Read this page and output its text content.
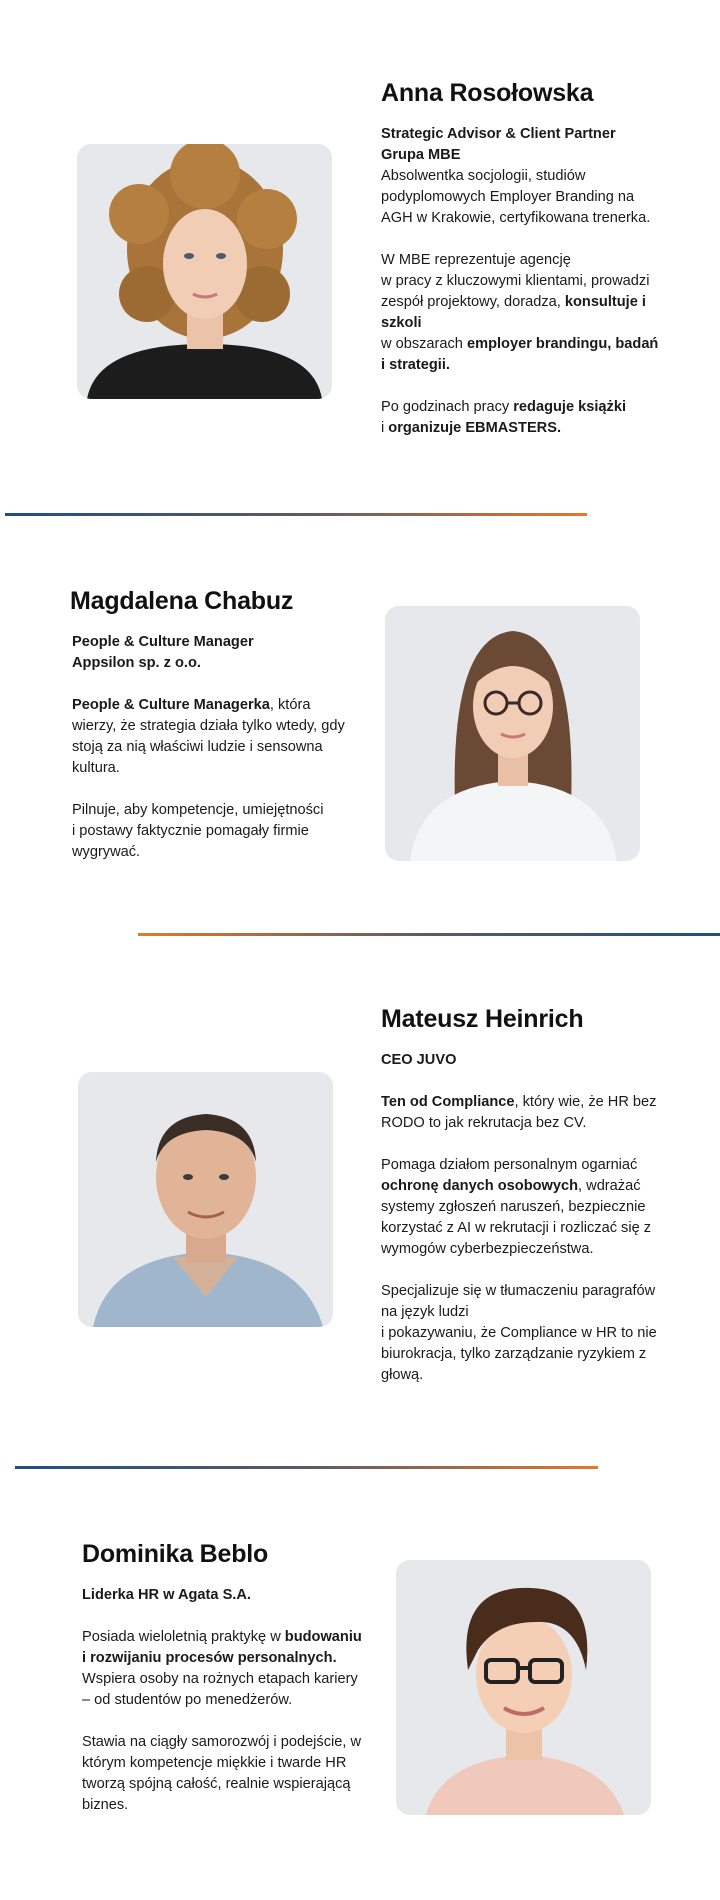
Anna Rosołowska
Strategic Advisor & Client Partner
Grupa MBE
Absolwentka socjologii, studiów podyplomowych Employer Branding na AGH w Krakowie, certyfikowana trenerka.
W MBE reprezentuje agencję
w pracy z kluczowymi klientami, prowadzi zespół projektowy, doradza, konsultuje i szkoli
w obszarach employer brandingu, badań i strategii.
Po godzinach pracy redaguje książki
i organizuje EBMASTERS.
Magdalena Chabuz
People & Culture Manager
Appsilon sp. z o.o.
People & Culture Managerka, która wierzy, że strategia działa tylko wtedy, gdy stoją za nią właściwi ludzie i sensowna kultura.
Pilnuje, aby kompetencje, umiejętności
i postawy faktycznie pomagały firmie wygrywać.
Mateusz Heinrich
CEO JUVO
Ten od Compliance, który wie, że HR bez RODO to jak rekrutacja bez CV.
Pomaga działom personalnym ogarniać ochronę danych osobowych, wdrażać systemy zgłoszeń naruszeń, bezpiecznie korzystać z AI w rekrutacji i rozliczać się z wymogów cyberbezpieczeństwa.
Specjalizuje się w tłumaczeniu paragrafów na język ludzi
i pokazywaniu, że Compliance w HR to nie biurokracja, tylko zarządzanie ryzykiem z głową.
Dominika Beblo
Liderka HR w Agata S.A.
Posiada wieloletnią praktykę w budowaniu i rozwijaniu procesów personalnych. Wspiera osoby na rożnych etapach kariery – od studentów po menedżerów.
Stawia na ciągły samorozwój i podejście, w którym kompetencje miękkie i twarde HR tworzą spójną całość, realnie wspierającą biznes.
